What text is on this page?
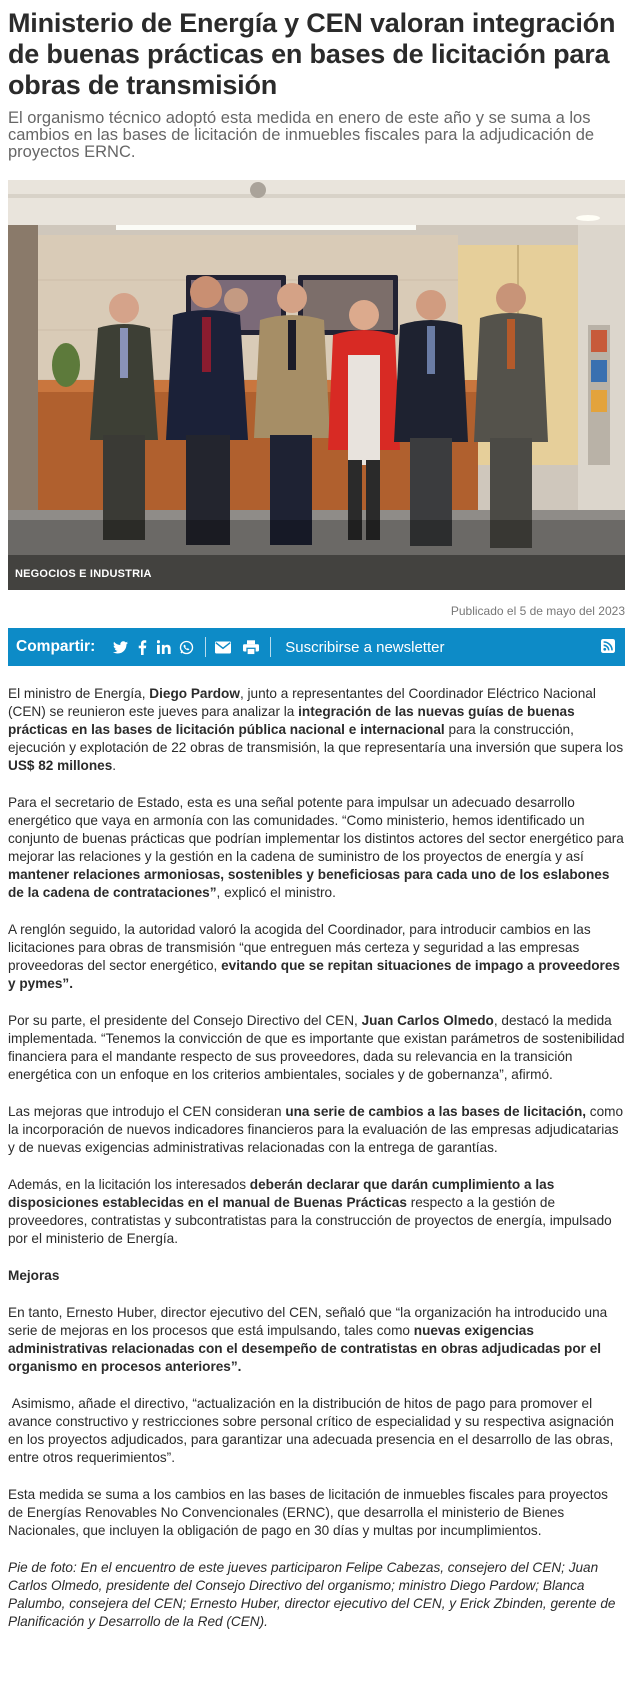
Ministerio de Energía y CEN valoran integración de buenas prácticas en bases de licitación para obras de transmisión

El organismo técnico adoptó esta medida en enero de este año y se suma a los cambios en las bases de licitación de inmuebles fiscales para la adjudicación de proyectos ERNC.

NEGOCIOS E INDUSTRIA
Publicado el 5 de mayo del 2023
Compartir:	Suscribirse a newsletter

El ministro de Energía, Diego Pardow, junto a representantes del Coordinador Eléctrico Nacional (CEN) se reunieron este jueves para analizar la integración de las nuevas guías de buenas prácticas en las bases de licitación pública nacional e internacional para la construcción, ejecución y explotación de 22 obras de transmisión, la que representaría una inversión que supera los US$ 82 millones.

Para el secretario de Estado, esta es una señal potente para impulsar un adecuado desarrollo energético que vaya en armonía con las comunidades. “Como ministerio, hemos identificado un conjunto de buenas prácticas que podrían implementar los distintos actores del sector energético para mejorar las relaciones y la gestión en la cadena de suministro de los proyectos de energía y así mantener relaciones armoniosas, sostenibles y beneficiosas para cada uno de los eslabones de la cadena de contrataciones”, explicó el ministro.

A renglón seguido, la autoridad valoró la acogida del Coordinador, para introducir cambios en las licitaciones para obras de transmisión “que entreguen más certeza y seguridad a las empresas proveedoras del sector energético, evitando que se repitan situaciones de impago a proveedores y pymes”.

Por su parte, el presidente del Consejo Directivo del CEN, Juan Carlos Olmedo, destacó la medida implementada. “Tenemos la convicción de que es importante que existan parámetros de sostenibilidad financiera para el mandante respecto de sus proveedores, dada su relevancia en la transición energética con un enfoque en los criterios ambientales, sociales y de gobernanza”, afirmó.

Las mejoras que introdujo el CEN consideran una serie de cambios a las bases de licitación, como la incorporación de nuevos indicadores financieros para la evaluación de las empresas adjudicatarias y de nuevas exigencias administrativas relacionadas con la entrega de garantías.

Además, en la licitación los interesados deberán declarar que darán cumplimiento a las disposiciones establecidas en el manual de Buenas Prácticas respecto a la gestión de proveedores, contratistas y subcontratistas para la construcción de proyectos de energía, impulsado por el ministerio de Energía.

Mejoras

En tanto, Ernesto Huber, director ejecutivo del CEN, señaló que “la organización ha introducido una serie de mejoras en los procesos que está impulsando, tales como nuevas exigencias administrativas relacionadas con el desempeño de contratistas en obras adjudicadas por el organismo en procesos anteriores”.

Asimismo, añade el directivo, “actualización en la distribución de hitos de pago para promover el avance constructivo y restricciones sobre personal crítico de especialidad y su respectiva asignación en los proyectos adjudicados, para garantizar una adecuada presencia en el desarrollo de las obras, entre otros requerimientos”.

Esta medida se suma a los cambios en las bases de licitación de inmuebles fiscales para proyectos de Energías Renovables No Convencionales (ERNC), que desarrolla el ministerio de Bienes Nacionales, que incluyen la obligación de pago en 30 días y multas por incumplimientos.

Pie de foto: En el encuentro de este jueves participaron Felipe Cabezas, consejero del CEN; Juan Carlos Olmedo, presidente del Consejo Directivo del organismo; ministro Diego Pardow; Blanca Palumbo, consejera del CEN; Ernesto Huber, director ejecutivo del CEN, y Erick Zbinden, gerente de Planificación y Desarrollo de la Red (CEN).
